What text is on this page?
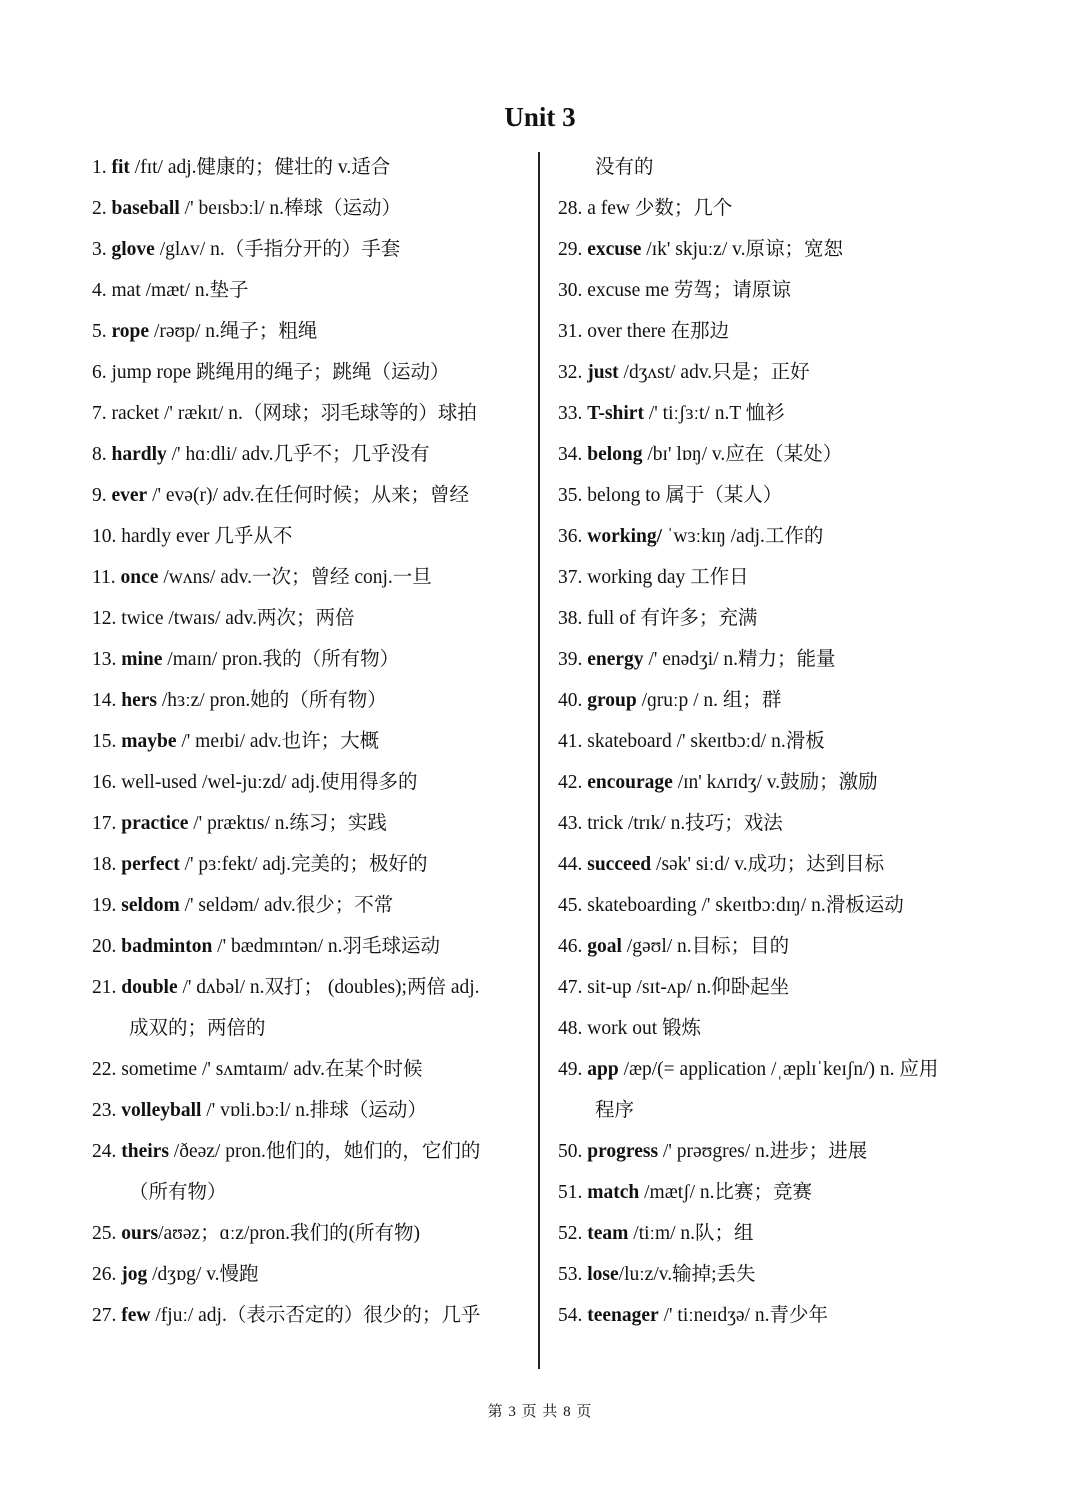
Unit 3
1. fit /fɪt/ adj.健康的；健壮的 v.适合
2. baseball /' beɪsbɔːl/ n.棒球（运动）
3. glove /glʌv/ n.（手指分开的）手套
4. mat /mæt/ n.垫子
5. rope /rəʊp/ n.绳子；粗绳
6. jump rope 跳绳用的绳子；跳绳（运动）
7. racket /' rækɪt/ n.（网球；羽毛球等的）球拍
8. hardly /' hɑːdli/ adv.几乎不；几乎没有
9. ever /' evə(r)/ adv.在任何时候；从来；曾经
10. hardly ever 几乎从不
11. once /wʌns/ adv.一次；曾经 conj.一旦
12. twice /twaɪs/ adv.两次；两倍
13. mine /maɪn/ pron.我的（所有物）
14. hers /hɜːz/ pron.她的（所有物）
15. maybe /' meɪbi/ adv.也许；大概
16. well-used /wel-juːzd/ adj.使用得多的
17. practice /' præktɪs/ n.练习；实践
18. perfect /' pɜːfekt/ adj.完美的；极好的
19. seldom /' seldəm/ adv.很少；不常
20. badminton /' bædmɪntən/ n.羽毛球运动
21. double /' dʌbəl/ n.双打； (doubles);两倍 adj.
成双的；两倍的
22. sometime /' sʌmtaɪm/ adv.在某个时候
23. volleyball /' vɒli.bɔːl/ n.排球（运动）
24. theirs /ðeəz/ pron.他们的，她们的，它们的
（所有物）
25. ours/aʊəz；ɑːz/pron.我们的(所有物)
26. jog /dʒɒg/ v.慢跑
27. few /fjuː/ adj.（表示否定的）很少的；几乎
没有的
28. a few 少数；几个
29. excuse /ɪk' skjuːz/ v.原谅；宽恕
30. excuse me 劳驾；请原谅
31. over there 在那边
32. just /dʒʌst/ adv.只是；正好
33. T-shirt /' tiːʃɜːt/ n.T 恤衫
34. belong /bɪ' lɒŋ/ v.应在（某处）
35. belong to 属于（某人）
36. working/ ˈwɜːkɪŋ /adj.工作的
37. working day 工作日
38. full of 有许多；充满
39. energy /' enədʒi/ n.精力；能量
40. group /ɡruːp / n. 组；群
41. skateboard /' skeɪtbɔːd/ n.滑板
42. encourage /ɪn' kʌrɪdʒ/ v.鼓励；激励
43. trick /trɪk/ n.技巧；戏法
44. succeed /sək' siːd/ v.成功；达到目标
45. skateboarding /' skeɪtbɔːdɪŋ/ n.滑板运动
46. goal /gəʊl/ n.目标；目的
47. sit-up /sɪt-ʌp/ n.仰卧起坐
48. work out 锻炼
49. app /æp/(= application /ˌæplɪˈkeɪʃn/) n. 应用
程序
50. progress /' prəʊgres/ n.进步；进展
51. match /mætʃ/ n.比赛；竞赛
52. team /tiːm/ n.队；组
53. lose/luːz/v.输掉;丢失
54. teenager /' tiːneɪdʒə/ n.青少年
第 3 页 共 8 页
